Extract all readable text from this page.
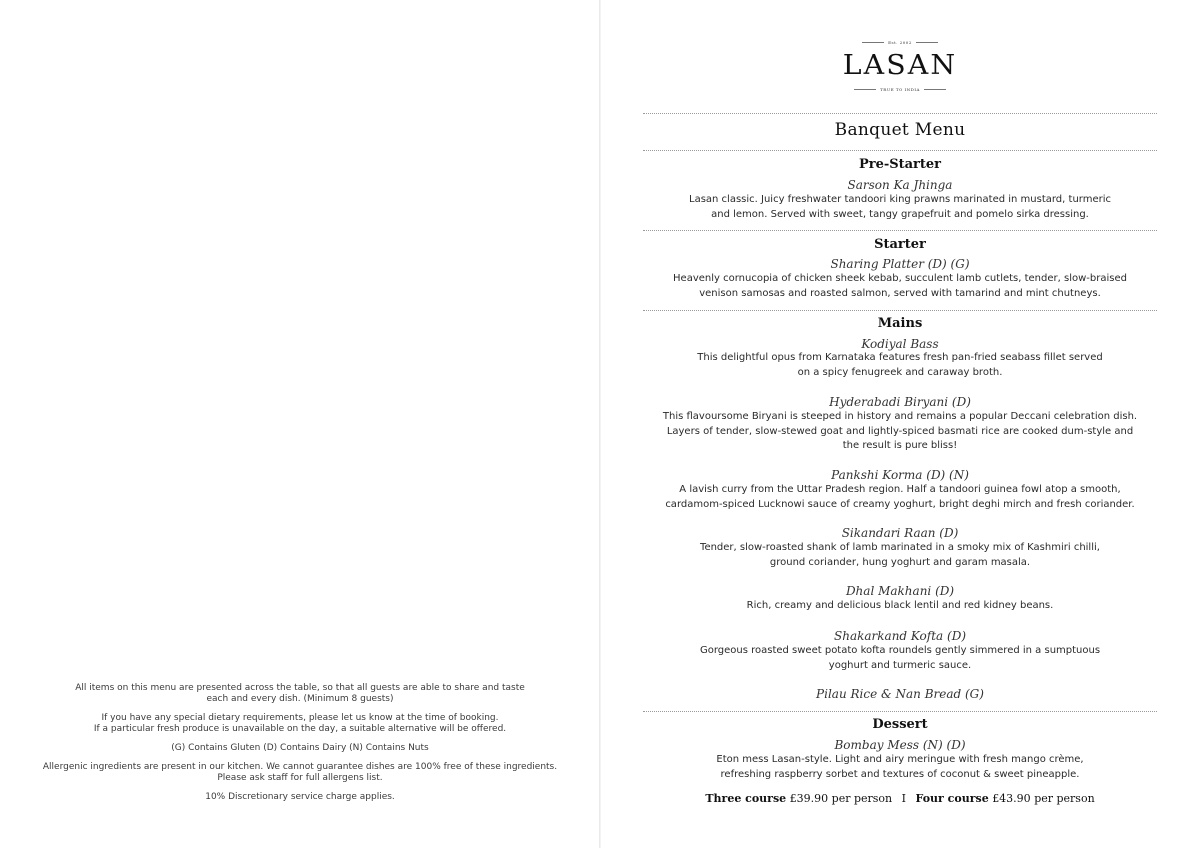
All items on this menu are presented across the table, so that all guests are able to share and taste
each and every dish. (Minimum 8 guests)

If you have any special dietary requirements, please let us know at the time of booking.
If a particular fresh produce is unavailable on the day, a suitable alternative will be offered.

(G) Contains Gluten (D) Contains Dairy (N) Contains Nuts

Allergenic ingredients are present in our kitchen. We cannot guarantee dishes are 100% free of these ingredients.
Please ask staff for full allergens list.

10% Discretionary service charge applies.

Est. 2002
LASAN
TRUE TO INDIA
Banquet Menu
Pre-Starter
Sarson Ka Jhinga
Lasan classic. Juicy freshwater tandoori king prawns marinated in mustard, turmeric
and lemon. Served with sweet, tangy grapefruit and pomelo sirka dressing.
Starter
Sharing Platter (D) (G)
Heavenly cornucopia of chicken sheek kebab, succulent lamb cutlets, tender, slow-braised
venison samosas and roasted salmon, served with tamarind and mint chutneys.
Mains
Kodiyal Bass
This delightful opus from Karnataka features fresh pan-fried seabass fillet served
on a spicy fenugreek and caraway broth.
Hyderabadi Biryani (D)
This flavoursome Biryani is steeped in history and remains a popular Deccani celebration dish.
Layers of tender, slow-stewed goat and lightly-spiced basmati rice are cooked dum-style and
the result is pure bliss!
Pankshi Korma (D) (N)
A lavish curry from the Uttar Pradesh region. Half a tandoori guinea fowl atop a smooth,
cardamom-spiced Lucknowi sauce of creamy yoghurt, bright deghi mirch and fresh coriander.
Sikandari Raan (D)
Tender, slow-roasted shank of lamb marinated in a smoky mix of Kashmiri chilli,
ground coriander, hung yoghurt and garam masala.
Dhal Makhani (D)
Rich, creamy and delicious black lentil and red kidney beans.
Shakarkand Kofta (D)
Gorgeous roasted sweet potato kofta roundels gently simmered in a sumptuous
yoghurt and turmeric sauce.
Pilau Rice & Nan Bread (G)
Dessert
Bombay Mess (N) (D)
Eton mess Lasan-style. Light and airy meringue with fresh mango crème,
refreshing raspberry sorbet and textures of coconut & sweet pineapple.
Three course £39.90 per person I Four course £43.90 per person
